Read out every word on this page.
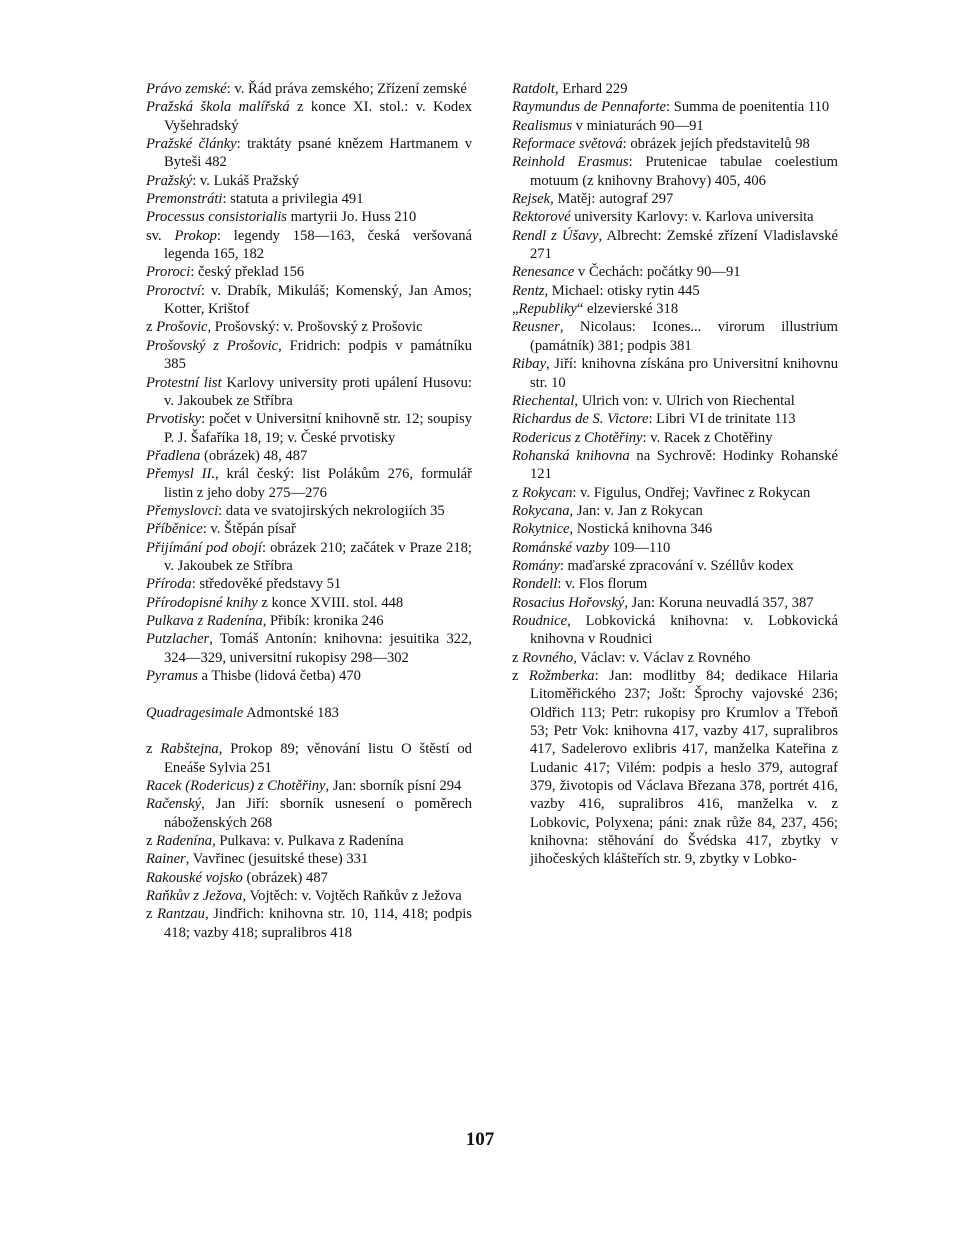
Právo zemské: v. Řád práva zemského; Zřízení zemské
Pražská škola malířská z konce XI. stol.: v. Kodex Vyšehradský
Pražské články: traktáty psané knězem Hartmanem v Byteši 482
Pražský: v. Lukáš Pražský
Premonstráti: statuta a privilegia 491
Processus consistorialis martyrii Jo. Huss 210
sv. Prokop: legendy 158—163, česká veršovaná legenda 165, 182
Proroci: český překlad 156
Proroctví: v. Drabík, Mikuláš; Komenský, Jan Amos; Kotter, Krištof
z Prošovic, Prošovský: v. Prošovský z Prošovic
Prošovský z Prošovic, Fridrich: podpis v památníku 385
Protestní list Karlovy university proti upálení Husovu: v. Jakoubek ze Stříbra
Prvotisky: počet v Universitní knihovně str. 12; soupisy P. J. Šafaříka 18, 19; v. České prvotisky
Přadlena (obrázek) 48, 487
Přemysl II., král český: list Polákům 276, formulář listin z jeho doby 275—276
Přemyslovci: data ve svatojirských nekrologiích 35
Příběnice: v. Štěpán písař
Přijímání pod obojí: obrázek 210; začátek v Praze 218; v. Jakoubek ze Stříbra
Příroda: středověké představy 51
Přírodopisné knihy z konce XVIII. stol. 448
Pulkava z Radenína, Přibík: kronika 246
Putzlacher, Tomáš Antonín: knihovna: jesuitika 322, 324—329, universitní rukopisy 298—302
Pyramus a Thisbe (lidová četba) 470
Quadragesimale Admontské 183
z Rabštejna, Prokop 89; věnování listu O štěstí od Eneáše Sylvia 251
Racek (Rodericus) z Chotěřiny, Jan: sborník písní 294
Račenský, Jan Jiří: sborník usnesení o poměrech náboženských 268
z Radenína, Pulkava: v. Pulkava z Radenína
Rainer, Vavřinec (jesuitské these) 331
Rakouské vojsko (obrázek) 487
Raňkův z Ježova, Vojtěch: v. Vojtěch Raňkův z Ježova
z Rantzau, Jindřich: knihovna str. 10, 114, 418; podpis 418; vazby 418; supralibros 418
Ratdolt, Erhard 229
Raymundus de Pennaforte: Summa de poenitentia 110
Realismus v miniaturách 90—91
Reformace světová: obrázek jejích představitelů 98
Reinhold Erasmus: Prutenicae tabulae coelestium motuum (z knihovny Brahovy) 405, 406
Rejsek, Matěj: autograf 297
Rektorové university Karlovy: v. Karlova universita
Rendl z Úšavy, Albrecht: Zemské zřízení Vladislavské 271
Renesance v Čechách: počátky 90—91
Rentz, Michael: otisky rytin 445
„Republiky“ elzevierské 318
Reusner, Nicolaus: Icones... virorum illustrium (památník) 381; podpis 381
Ribay, Jiří: knihovna získána pro Universitní knihovnu str. 10
Riechental, Ulrich von: v. Ulrich von Riechental
Richardus de S. Victore: Libri VI de trinitate 113
Rodericus z Chotěřiny: v. Racek z Chotěřiny
Rohanská knihovna na Sychrově: Hodinky Rohanské 121
z Rokycan: v. Figulus, Ondřej; Vavřinec z Rokycan
Rokycana, Jan: v. Jan z Rokycan
Rokytnice, Nostická knihovna 346
Románské vazby 109—110
Romány: maďarské zpracování v. Széllův kodex
Rondell: v. Flos florum
Rosacius Hořovský, Jan: Koruna neuvadlá 357, 387
Roudnice, Lobkovická knihovna: v. Lobkovická knihovna v Roudnici
z Rovného, Václav: v. Václav z Rovného
z Rožmberka: Jan: modlitby 84; dedikace Hilaria Litoměřického 237; Jošt: Šprochy vajovské 236; Oldřich 113; Petr: rukopisy pro Krumlov a Třeboň 53; Petr Vok: knihovna 417, vazby 417, supralibros 417, Sadelerovo exlibris 417, manželka Kateřina z Ludanic 417; Vilém: podpis a heslo 379, autograf 379, životopis od Václava Březana 378, portrét 416, vazby 416, supralibros 416, manželka v. z Lobkovic, Polyxena; páni: znak růže 84, 237, 456; knihovna: stěhování do Švédska 417, zbytky v jihočeských klášteřích str. 9, zbytky v Lobko-
107
